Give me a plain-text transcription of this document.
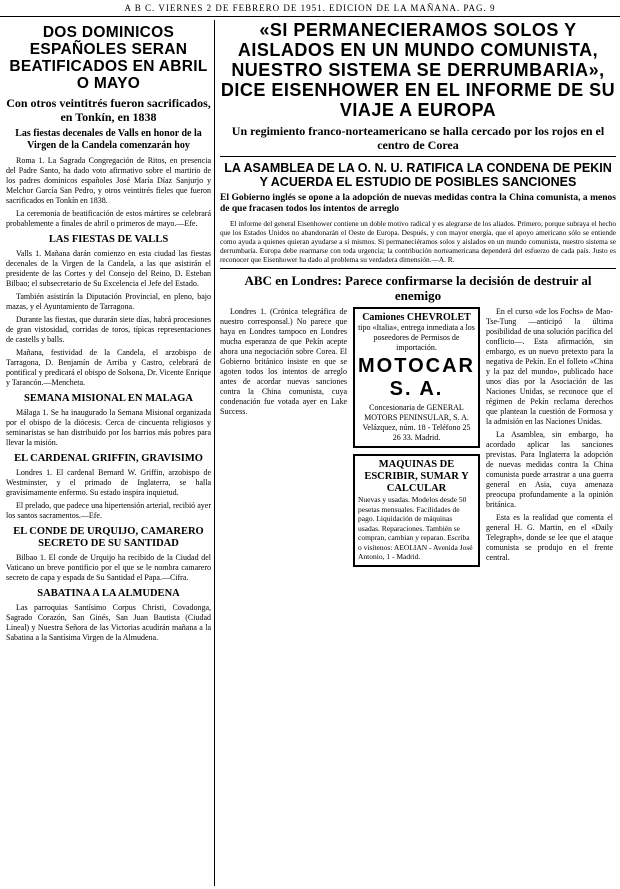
A B C. VIERNES 2 DE FEBRERO DE 1951. EDICION DE LA MAÑANA. PAG. 9
DOS DOMINICOS ESPAÑOLES SERAN BEATIFICADOS EN ABRIL O MAYO
Con otros veintitrés fueron sacrificados, en Tonkín, en 1838
Las fiestas decenales de Valls en honor de la Virgen de la Candela comenzarán hoy

Roma 1. La Sagrada Congregación de Ritos, en presencia del Padre Santo, ha dado voto afirmativo sobre el martirio de los padres dominicos españoles José María Díaz Sanjurjo y Melchor García San Pedro, y otros veintitrés fieles que fueron sacrificados en Tonkín en 1838.

La ceremonia de beatificación de estos mártires se celebrará probablemente a finales de abril o primeros de mayo.—Efe.

LAS FIESTAS DE VALLS

Valls 1. Mañana darán comienzo en esta ciudad las fiestas decenales de la Virgen de la Candela, a las que asistirán el presidente de las Cortes y del Consejo del Reino, D. Esteban Bilbao; el subsecretario de Su Excelencia el Jefe del Estado.

También asistirán la Diputación Provincial, en pleno, bajo mazas, y el Ayuntamiento de Tarragona.

Durante las fiestas, que durarán siete días, habrá procesiones de gran vistosidad, corridas de toros, típicas representaciones de castells y balls.

Mañana, festividad de la Candela, el arzobispo de Tarragona, D. Benjamín de Arriba y Castro, celebrará de pontifical y predicará el obispo de Solsona, Dr. Vicente Enrique y Tarancón.—Mencheta.

SEMANA MISIONAL EN MALAGA

Málaga 1. Se ha inaugurado la Semana Misional organizada por el obispo de la diócesis. Cerca de cincuenta religiosos y seminaristas se han distribuido por los barrios más pobres para llevar la misión.

EL CARDENAL GRIFFIN, GRAVISIMO

Londres 1. El cardenal Bernard W. Griffin, arzobispo de Westminster, y el primado de Inglaterra, se halla gravísimamente enfermo. Su estado inspira inquietud.

El prelado, que padece una hipertensión arterial, recibió ayer los santos sacramentos.—Efe.

EL CONDE DE URQUIJO, CAMARERO SECRETO DE SU SANTIDAD

Bilbao 1. El conde de Urquijo ha recibido de la Ciudad del Vaticano un breve pontificio por el que se le nombra camarero secreto de capa y espada de Su Santidad el Papa.—Cifra.

SABATINA A LA ALMUDENA

Las parroquias Santísimo Corpus Christi, Covadonga, Sagrado Corazón, San Ginés, San Juan Bautista (Ciudad Lineal) y Nuestra Señora de las Victorias acudirán mañana a la Sabatina a la Santísima Virgen de la Almudena.

«SI PERMANECIERAMOS SOLOS Y AISLADOS EN UN MUNDO COMUNISTA, NUESTRO SISTEMA SE DERRUMBARIA», DICE EISENHOWER EN EL INFORME DE SU VIAJE A EUROPA
Un regimiento franco-norteamericano se halla cercado por los rojos en el centro de Corea
LA ASAMBLEA DE LA O. N. U. RATIFICA LA CONDENA DE PEKIN Y ACUERDA EL ESTUDIO DE POSIBLES SANCIONES
El Gobierno inglés se opone a la adopción de nuevas medidas contra la China comunista, a menos de que fracasen todos los intentos de arreglo

El informe del general Eisenhower contiene un doble motivo radical y es alegrarse de los aliados. Primero, porque subraya el hecho que los Estados Unidos no abandonarán el Oeste de Europa. Después, y con mayor energía, que el apoyo americano sólo se entiende como ayuda a quienes quieran ayudarse a sí mismos. Si permaneciéramos solos y aislados en un mundo comunista, nuestro sistema se derrumbaría. Europa debe rearmarse con toda urgencia; la contribución norteamericana dependerá del esfuerzo de cada país. Justo es reconocer que Eisenhower ha dado al problema su verdadera dimensión.—A. R.

ABC en Londres: Parece confirmarse la decisión de destruir al enemigo

Londres 1. (Crónica telegráfica de nuestro corresponsal.) No parece que haya en Londres tampoco en Londres mucha esperanza de que Pekín acepte ahora una negociación sobre Corea. El Gobierno británico insiste en que se agoten todos los intentos de arreglo antes de acordar nuevas sanciones contra la China comunista, cuya condenación fue votada ayer en Lake Success.

Camiones CHEVROLET
tipo «Italia», entrega inmediata a los poseedores de Permisos de importación.
MOTOCAR S. A.
Concesionaria de GENERAL MOTORS PENINSULAR, S. A. Velázquez, núm. 18 - Teléfono 25 26 33. Madrid.
MAQUINAS DE ESCRIBIR, SUMAR Y CALCULAR
Nuevas y usadas. Modelos desde 50 pesetas mensuales. Facilidades de pago. Liquidación de máquinas usadas. Reparaciones. También se compran, cambian y reparan. Escriba o visítenos: AEOLIAN - Avenida José Antonio, 1 - Madrid.

En el curso «de los Fochs» de Mao-Tse-Tung —anticipó la última posibilidad de una solución pacífica del conflicto—. Esta afirmación, sin embargo, es un nuevo pretexto para la negativa de Pekín. En el folleto «China y la paz del mundo», publicado hace unos días por la Asociación de las Naciones Unidas, se reconoce que el régimen de Pekín reclama derechos que plantean la cuestión de Formosa y la admisión en las Naciones Unidas.

La Asamblea, sin embargo, ha acordado aplicar las sanciones previstas. Para Inglaterra la adopción de nuevas medidas contra la China comunista puede arrastrar a una guerra general en Asia, cuya amenaza preocupa profundamente a la opinión británica.

Esta es la realidad que comenta el general H. G. Martin, en el «Daily Telegraph», donde se lee que el ataque comunista se produjo en el frente central.
